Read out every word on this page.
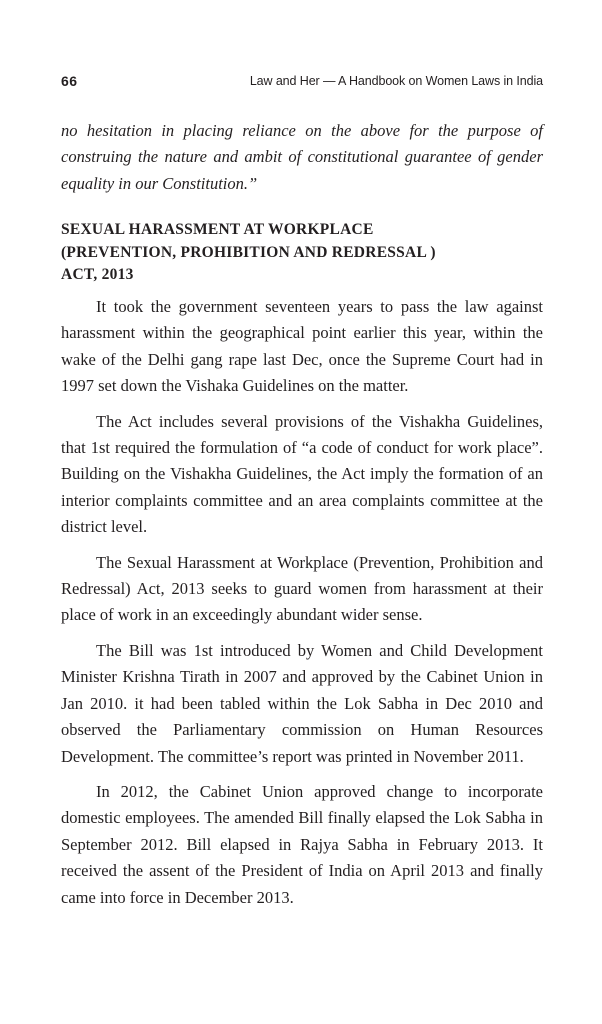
66	Law and Her — A Handbook on Women Laws in India

no hesitation in placing reliance on the above for the purpose of construing the nature and ambit of constitutional guarantee of gender equality in our Constitution.”

SEXUAL HARASSMENT AT WORKPLACE
(PREVENTION, PROHIBITION AND REDRESSAL )
ACT, 2013

It took the government seventeen years to pass the law against harassment within the geographical point earlier this year, within the wake of the Delhi gang rape last Dec, once the Supreme Court had in 1997 set down the Vishaka Guidelines on the matter.

The Act includes several provisions of the Vishakha Guidelines, that 1st required the formulation of “a code of conduct for work place”. Building on the Vishakha Guidelines, the Act imply the formation of an interior complaints committee and an area complaints committee at the district level.

The Sexual Harassment at Workplace (Prevention, Prohibition and Redressal) Act, 2013 seeks to guard women from harassment at their place of work in an exceedingly abundant wider sense.

The Bill was 1st introduced by Women and Child Development Minister Krishna Tirath in 2007 and approved by the Cabinet Union in Jan 2010. it had been tabled within the Lok Sabha in Dec 2010 and observed the Parliamentary commission on Human Resources Development. The committee’s report was printed in November 2011.

In 2012, the Cabinet Union approved change to incorporate domestic employees. The amended Bill finally elapsed the Lok Sabha in September 2012. Bill elapsed in Rajya Sabha in February 2013. It received the assent of the President of India on April 2013 and finally came into force in December 2013.
